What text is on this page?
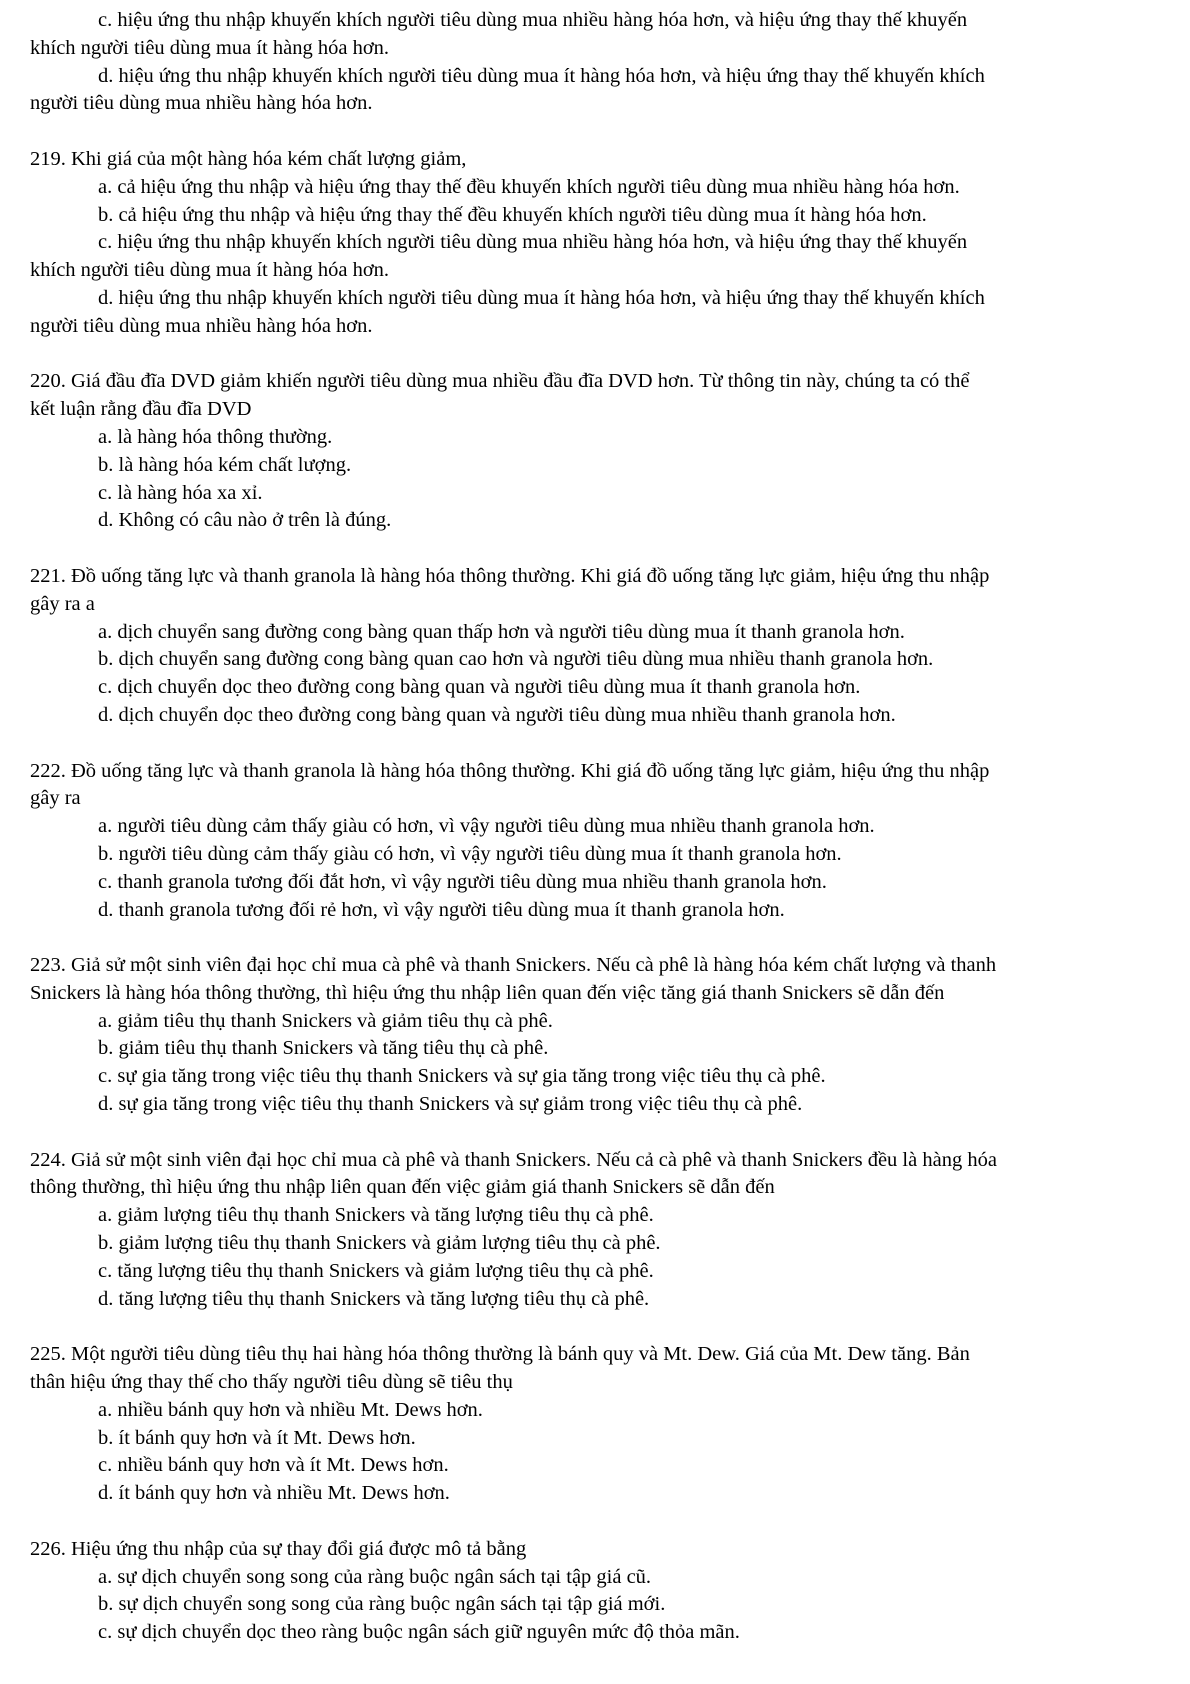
c. hiệu ứng thu nhập khuyến khích người tiêu dùng mua nhiều hàng hóa hơn, và hiệu ứng thay thế khuyến
khích người tiêu dùng mua ít hàng hóa hơn.
d. hiệu ứng thu nhập khuyến khích người tiêu dùng mua ít hàng hóa hơn, và hiệu ứng thay thế khuyến khích
người tiêu dùng mua nhiều hàng hóa hơn.
219. Khi giá của một hàng hóa kém chất lượng giảm,
a. cả hiệu ứng thu nhập và hiệu ứng thay thế đều khuyến khích người tiêu dùng mua nhiều hàng hóa hơn.
b. cả hiệu ứng thu nhập và hiệu ứng thay thế đều khuyến khích người tiêu dùng mua ít hàng hóa hơn.
c. hiệu ứng thu nhập khuyến khích người tiêu dùng mua nhiều hàng hóa hơn, và hiệu ứng thay thế khuyến
khích người tiêu dùng mua ít hàng hóa hơn.
d. hiệu ứng thu nhập khuyến khích người tiêu dùng mua ít hàng hóa hơn, và hiệu ứng thay thế khuyến khích
người tiêu dùng mua nhiều hàng hóa hơn.
220. Giá đầu đĩa DVD giảm khiến người tiêu dùng mua nhiều đầu đĩa DVD hơn. Từ thông tin này, chúng ta có thể
kết luận rằng đầu đĩa DVD
a. là hàng hóa thông thường.
b. là hàng hóa kém chất lượng.
c. là hàng hóa xa xỉ.
d. Không có câu nào ở trên là đúng.
221. Đồ uống tăng lực và thanh granola là hàng hóa thông thường. Khi giá đồ uống tăng lực giảm, hiệu ứng thu nhập
gây ra a
a. dịch chuyển sang đường cong bàng quan thấp hơn và người tiêu dùng mua ít thanh granola hơn.
b. dịch chuyển sang đường cong bàng quan cao hơn và người tiêu dùng mua nhiều thanh granola hơn.
c. dịch chuyển dọc theo đường cong bàng quan và người tiêu dùng mua ít thanh granola hơn.
d. dịch chuyển dọc theo đường cong bàng quan và người tiêu dùng mua nhiều thanh granola hơn.
222. Đồ uống tăng lực và thanh granola là hàng hóa thông thường. Khi giá đồ uống tăng lực giảm, hiệu ứng thu nhập
gây ra
a. người tiêu dùng cảm thấy giàu có hơn, vì vậy người tiêu dùng mua nhiều thanh granola hơn.
b. người tiêu dùng cảm thấy giàu có hơn, vì vậy người tiêu dùng mua ít thanh granola hơn.
c. thanh granola tương đối đắt hơn, vì vậy người tiêu dùng mua nhiều thanh granola hơn.
d. thanh granola tương đối rẻ hơn, vì vậy người tiêu dùng mua ít thanh granola hơn.
223. Giả sử một sinh viên đại học chỉ mua cà phê và thanh Snickers. Nếu cà phê là hàng hóa kém chất lượng và thanh
Snickers là hàng hóa thông thường, thì hiệu ứng thu nhập liên quan đến việc tăng giá thanh Snickers sẽ dẫn đến
a. giảm tiêu thụ thanh Snickers và giảm tiêu thụ cà phê.
b. giảm tiêu thụ thanh Snickers và tăng tiêu thụ cà phê.
c. sự gia tăng trong việc tiêu thụ thanh Snickers và sự gia tăng trong việc tiêu thụ cà phê.
d. sự gia tăng trong việc tiêu thụ thanh Snickers và sự giảm trong việc tiêu thụ cà phê.
224. Giả sử một sinh viên đại học chỉ mua cà phê và thanh Snickers. Nếu cả cà phê và thanh Snickers đều là hàng hóa
thông thường, thì hiệu ứng thu nhập liên quan đến việc giảm giá thanh Snickers sẽ dẫn đến
a. giảm lượng tiêu thụ thanh Snickers và tăng lượng tiêu thụ cà phê.
b. giảm lượng tiêu thụ thanh Snickers và giảm lượng tiêu thụ cà phê.
c. tăng lượng tiêu thụ thanh Snickers và giảm lượng tiêu thụ cà phê.
d. tăng lượng tiêu thụ thanh Snickers và tăng lượng tiêu thụ cà phê.
225. Một người tiêu dùng tiêu thụ hai hàng hóa thông thường là bánh quy và Mt. Dew. Giá của Mt. Dew tăng. Bản
thân hiệu ứng thay thế cho thấy người tiêu dùng sẽ tiêu thụ
a. nhiều bánh quy hơn và nhiều Mt. Dews hơn.
b. ít bánh quy hơn và ít Mt. Dews hơn.
c. nhiều bánh quy hơn và ít Mt. Dews hơn.
d. ít bánh quy hơn và nhiều Mt. Dews hơn.
226. Hiệu ứng thu nhập của sự thay đổi giá được mô tả bằng
a. sự dịch chuyển song song của ràng buộc ngân sách tại tập giá cũ.
b. sự dịch chuyển song song của ràng buộc ngân sách tại tập giá mới.
c. sự dịch chuyển dọc theo ràng buộc ngân sách giữ nguyên mức độ thỏa mãn.
